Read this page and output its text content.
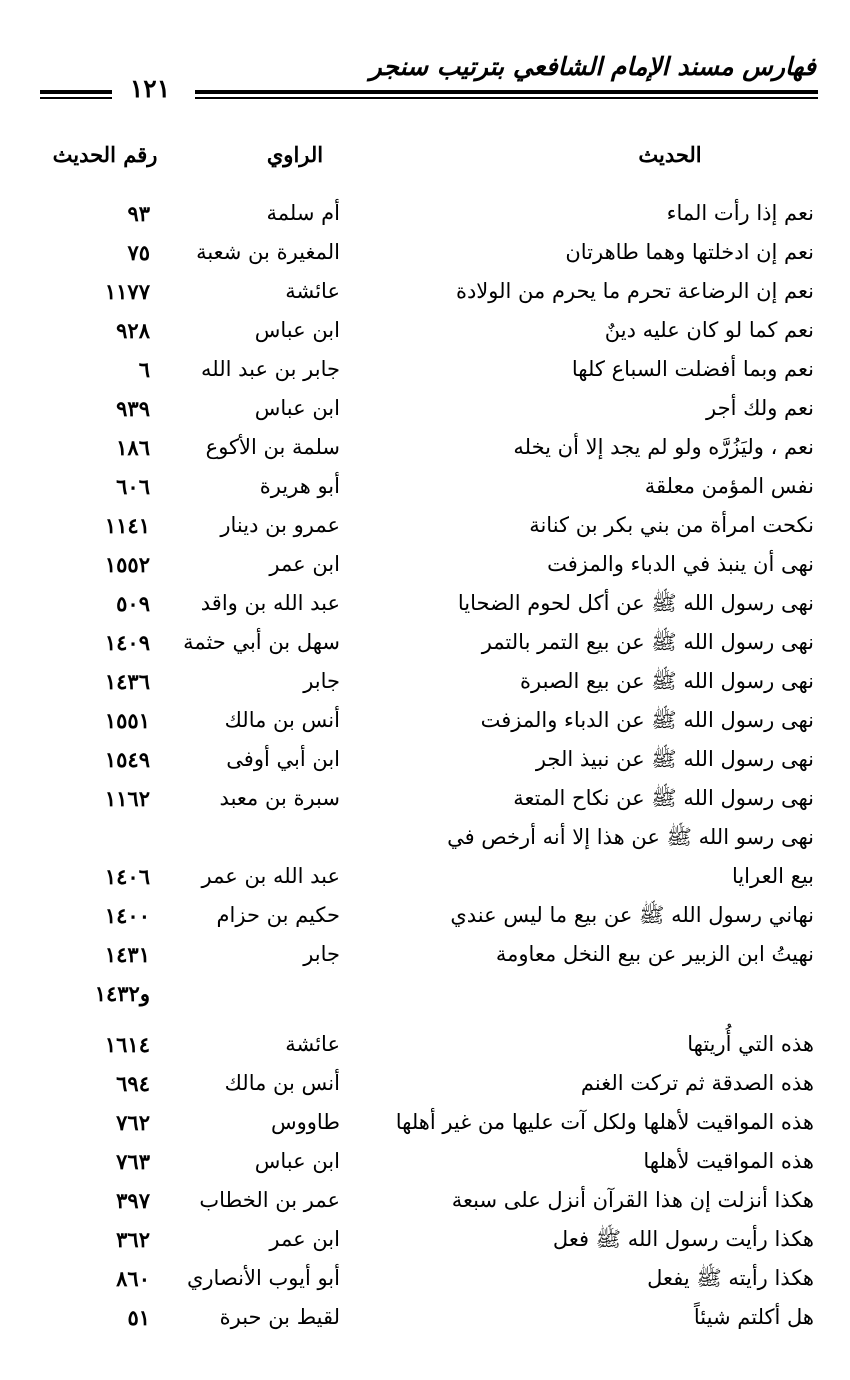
فهارس مسند الإمام الشافعي بترتيب سنجر
١٢١
الحديث
الراوي
رقم الحديث
نعم إذا رأت الماء
أم سلمة
٩٣
نعم إن ادخلتها وهما طاهرتان
المغيرة بن شعبة
٧٥
نعم إن الرضاعة تحرم ما يحرم من الولادة
عائشة
١١٧٧
نعم كما لو كان عليه دينٌ
ابن عباس
٩٢٨
نعم وبما أفضلت السباع كلها
جابر بن عبد الله
٦
نعم ولك أجر
ابن عباس
٩٣٩
نعم ، وليَزُرَّه ولو لم يجد إلا أن يخله
سلمة بن الأكوع
١٨٦
نفس المؤمن معلقة
أبو هريرة
٦٠٦
نكحت امرأة من بني بكر بن كنانة
عمرو بن دينار
١١٤١
نهى أن ينبذ في الدباء والمزفت
ابن عمر
١٥٥٢
نهى رسول الله ﷺ عن أكل لحوم الضحايا
عبد الله بن واقد
٥٠٩
نهى رسول الله ﷺ عن بيع التمر بالتمر
سهل بن أبي حثمة
١٤٠٩
نهى رسول الله ﷺ عن بيع الصبرة
جابر
١٤٣٦
نهى رسول الله ﷺ عن الدباء والمزفت
أنس بن مالك
١٥٥١
نهى رسول الله ﷺ عن نبيذ الجر
ابن أبي أوفى
١٥٤٩
نهى رسول الله ﷺ عن نكاح المتعة
سبرة بن معبد
١١٦٢
نهى رسو الله ﷺ عن هذا إلا أنه أرخص في
بيع العرايا
عبد الله بن عمر
١٤٠٦
نهاني رسول الله ﷺ عن بيع ما ليس عندي
حكيم بن حزام
١٤٠٠
نهيتُ ابن الزبير عن بيع النخل معاومة
جابر
١٤٣١
و١٤٣٢
هذه التي أُريتها
عائشة
١٦١٤
هذه الصدقة ثم تركت الغنم
أنس بن مالك
٦٩٤
هذه المواقيت لأهلها ولكل آت عليها من غير أهلها
طاووس
٧٦٢
هذه المواقيت لأهلها
ابن عباس
٧٦٣
هكذا أنزلت إن هذا القرآن أنزل على سبعة
عمر بن الخطاب
٣٩٧
هكذا رأيت رسول الله ﷺ فعل
ابن عمر
٣٦٢
هكذا رأيته ﷺ يفعل
أبو أيوب الأنصاري
٨٦٠
هل أكلتم شيئاً
لقيط بن حبرة
٥١
